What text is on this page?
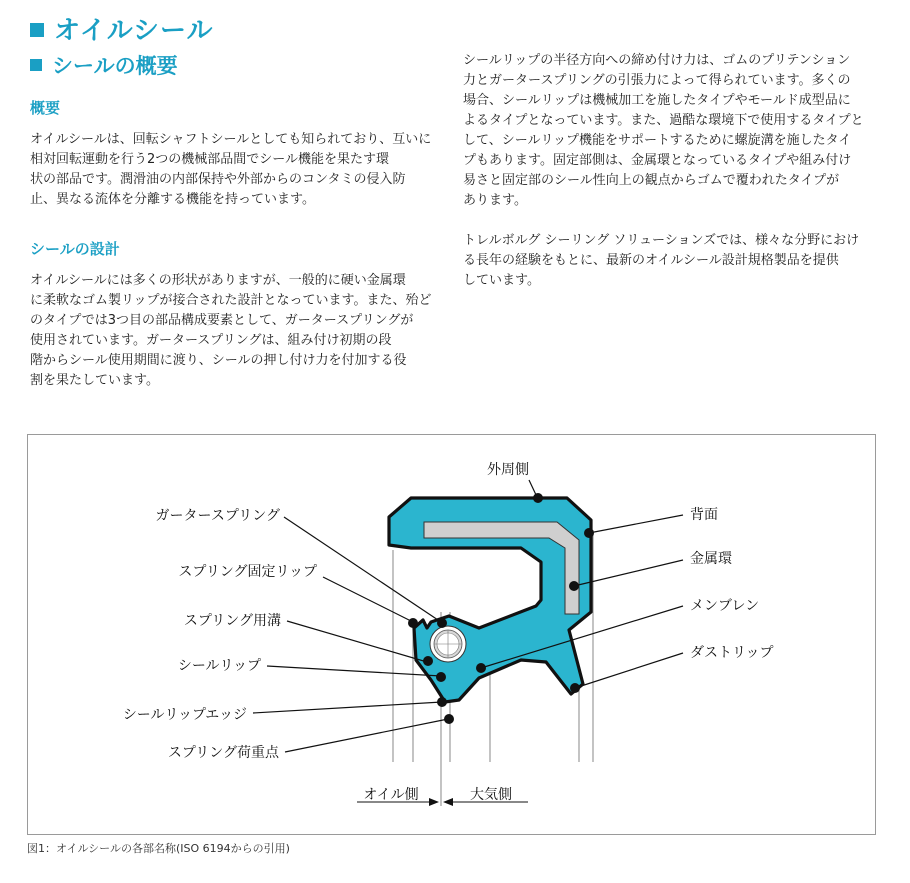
オイルシール
シールの概要
概要
オイルシールは、回転シャフトシールとしても知られており、互いに
相対回転運動を行う2つの機械部品間でシール機能を果たす環
状の部品です。潤滑油の内部保持や外部からのコンタミの侵入防
止、異なる流体を分離する機能を持っています。
シールの設計
オイルシールには多くの形状がありますが、一般的に硬い金属環
に柔軟なゴム製リップが接合された設計となっています。また、殆ど
のタイプでは3つ目の部品構成要素として、ガータースプリングが
使用されています。ガータースプリングは、組み付け初期の段
階からシール使用期間に渡り、シールの押し付け力を付加する役
割を果たしています。
シールリップの半径方向への締め付け力は、ゴムのプリテンション
力とガータースプリングの引張力によって得られています。多くの
場合、シールリップは機械加工を施したタイプやモールド成型品に
よるタイプとなっています。また、過酷な環境下で使用するタイプと
して、シールリップ機能をサポートするために螺旋溝を施したタイ
プもあります。固定部側は、金属環となっているタイプや組み付け
易さと固定部のシール性向上の観点からゴムで覆われたタイプが
あります。
トレルボルグ シーリング ソリューションズでは、様々な分野におけ
る長年の経験をもとに、最新のオイルシール設計規格製品を提供
しています。
外周側
背面
金属環
メンブレン
ダストリップ
ガータースプリング
スプリング固定リップ
スプリング用溝
シールリップ
シールリップエッジ
スプリング荷重点
オイル側	大気側
図1：オイルシールの各部名称(ISO 6194からの引用)
